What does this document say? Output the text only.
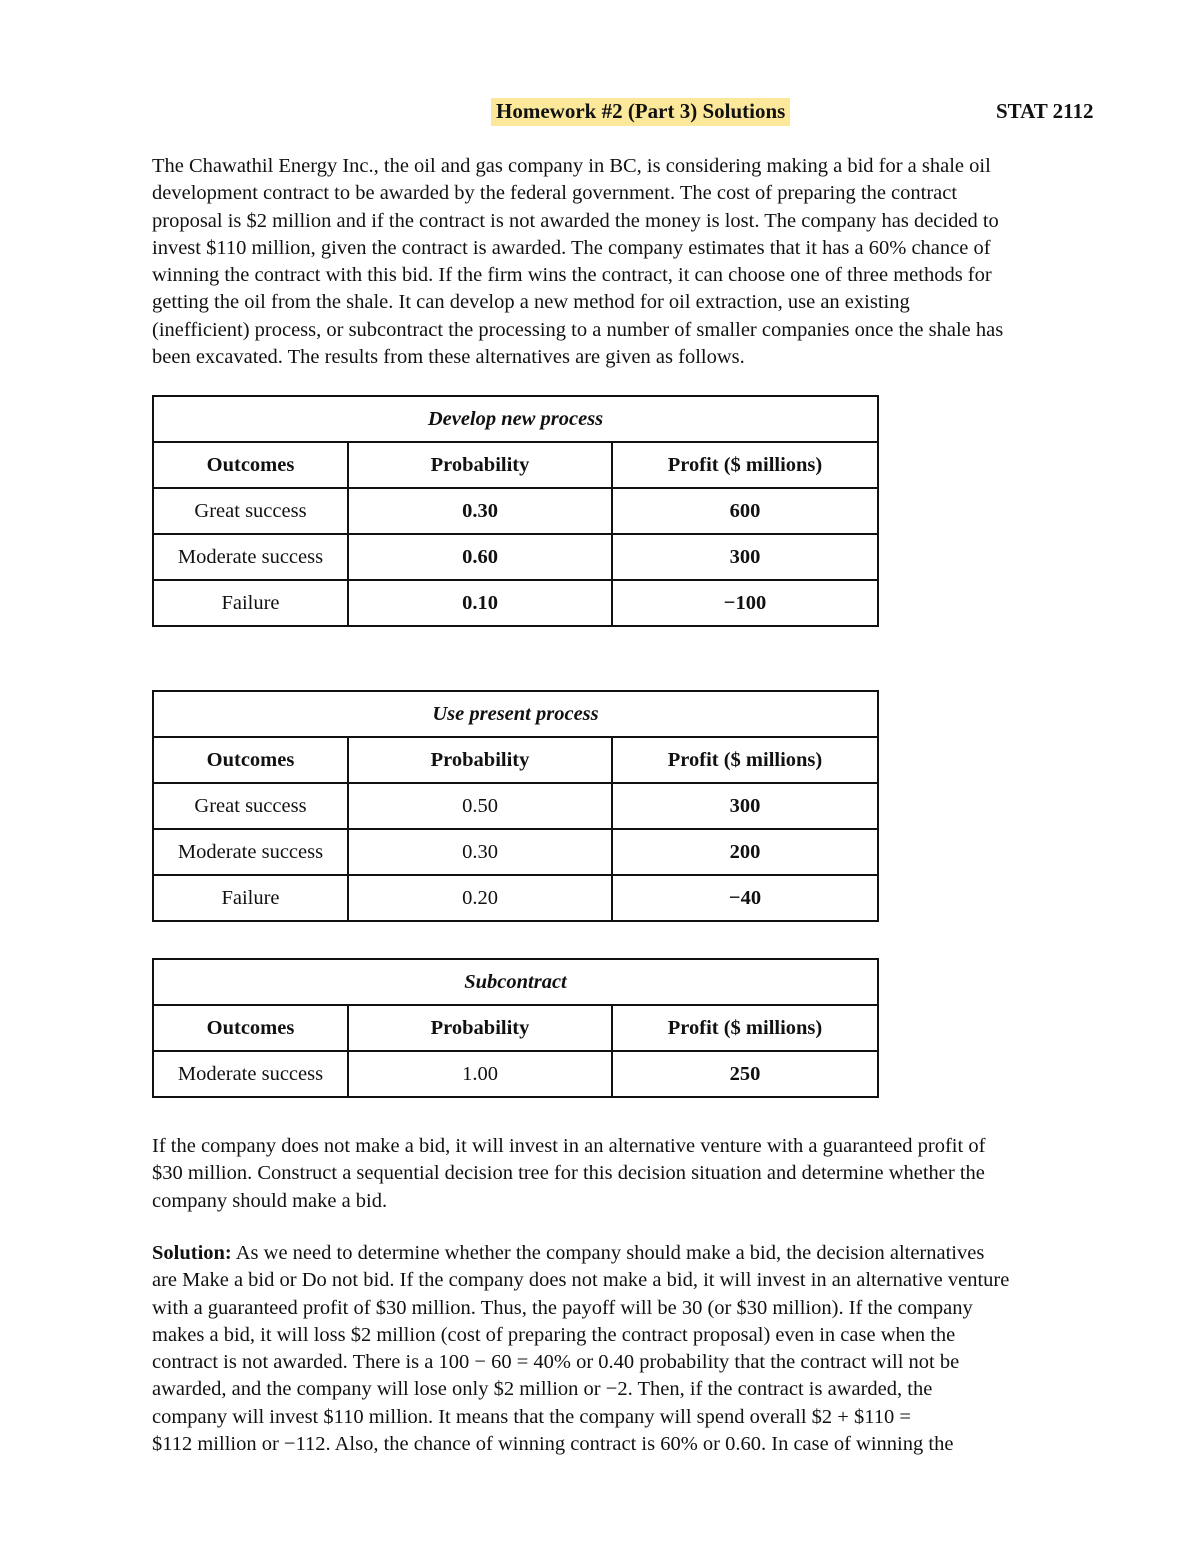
Homework #2 (Part 3) Solutions	STAT 2112
The Chawathil Energy Inc., the oil and gas company in BC, is considering making a bid for a shale oil
development contract to be awarded by the federal government. The cost of preparing the contract
proposal is $2 million and if the contract is not awarded the money is lost. The company has decided to
invest $110 million, given the contract is awarded. The company estimates that it has a 60% chance of
winning the contract with this bid. If the firm wins the contract, it can choose one of three methods for
getting the oil from the shale. It can develop a new method for oil extraction, use an existing
(inefficient) process, or subcontract the processing to a number of smaller companies once the shale has
been excavated. The results from these alternatives are given as follows.
Develop new process		
Outcomes	Probability	Profit ($ millions)
Great success	0.30	600
Moderate success	0.60	300
Failure	0.10	−100
Use present process		
Outcomes	Probability	Profit ($ millions)
Great success	0.50	300
Moderate success	0.30	200
Failure	0.20	−40
Subcontract		
Outcomes	Probability	Profit ($ millions)
Moderate success	1.00	250
If the company does not make a bid, it will invest in an alternative venture with a guaranteed profit of
$30 million. Construct a sequential decision tree for this decision situation and determine whether the
company should make a bid.
Solution: As we need to determine whether the company should make a bid, the decision alternatives
are Make a bid or Do not bid. If the company does not make a bid, it will invest in an alternative venture
with a guaranteed profit of $30 million. Thus, the payoff will be 30 (or $30 million). If the company
makes a bid, it will loss $2 million (cost of preparing the contract proposal) even in case when the
contract is not awarded. There is a 100 − 60 = 40% or 0.40 probability that the contract will not be
awarded, and the company will lose only $2 million or −2. Then, if the contract is awarded, the
company will invest $110 million. It means that the company will spend overall $2 + $110 =
$112 million or −112. Also, the chance of winning contract is 60% or 0.60. In case of winning the
